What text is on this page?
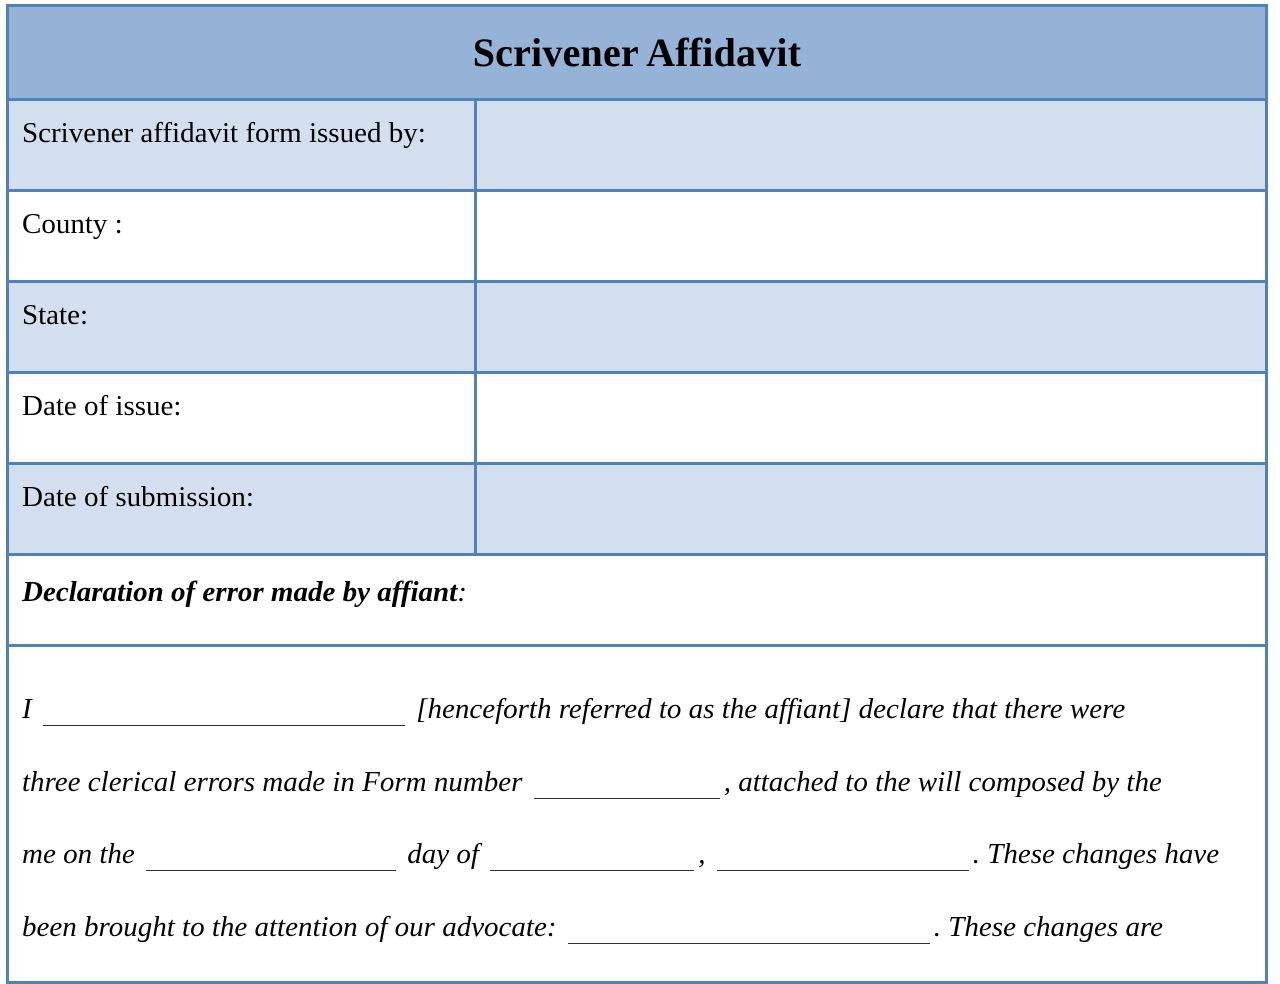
Scrivener Affidavit
Scrivener affidavit form issued by:
County :
State:
Date of issue:
Date of submission:
Declaration of error made by affiant:
I	[henceforth referred to as the affiant] declare that there were
three clerical errors made in Form number	, attached to the will composed by the
me on the	day of	,	. These changes have
been brought to the attention of our advocate:	. These changes are
